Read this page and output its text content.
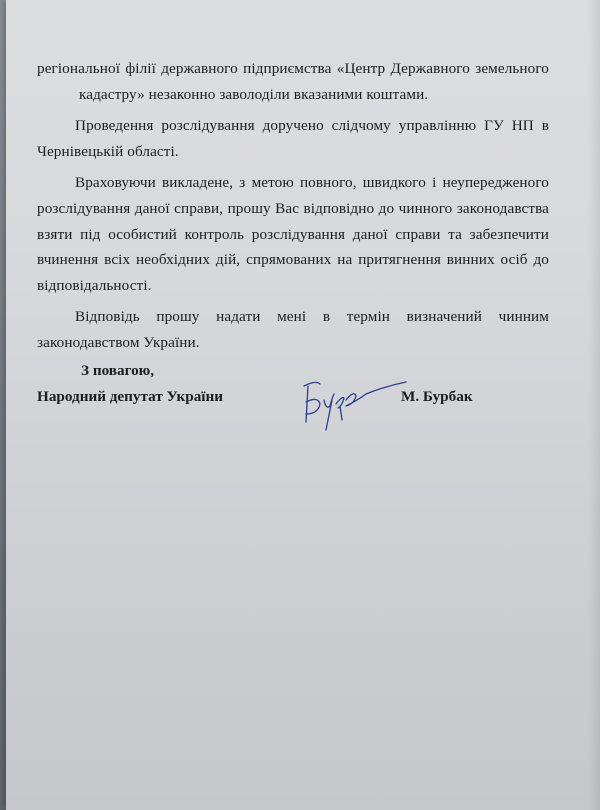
регіональної філії державного підприємства «Центр Державного земельного

кадастру» незаконно заволоділи вказаними коштами.

Проведення розслідування доручено слідчому управлінню ГУ НП в

Чернівецькій області.

Враховуючи викладене, з метою повного, швидкого і неупередженого

розслідування даної справи, прошу Вас відповідно до чинного законодавства

взяти під особистий контроль розслідування даної справи та забезпечити

вчинення всіх необхідних дій, спрямованих на притягнення винних осіб до

відповідальності.

Відповідь прошу надати мені в термін визначений чинним

законодавством України.

З повагою,
Народний депутат України	М. Бурбак
